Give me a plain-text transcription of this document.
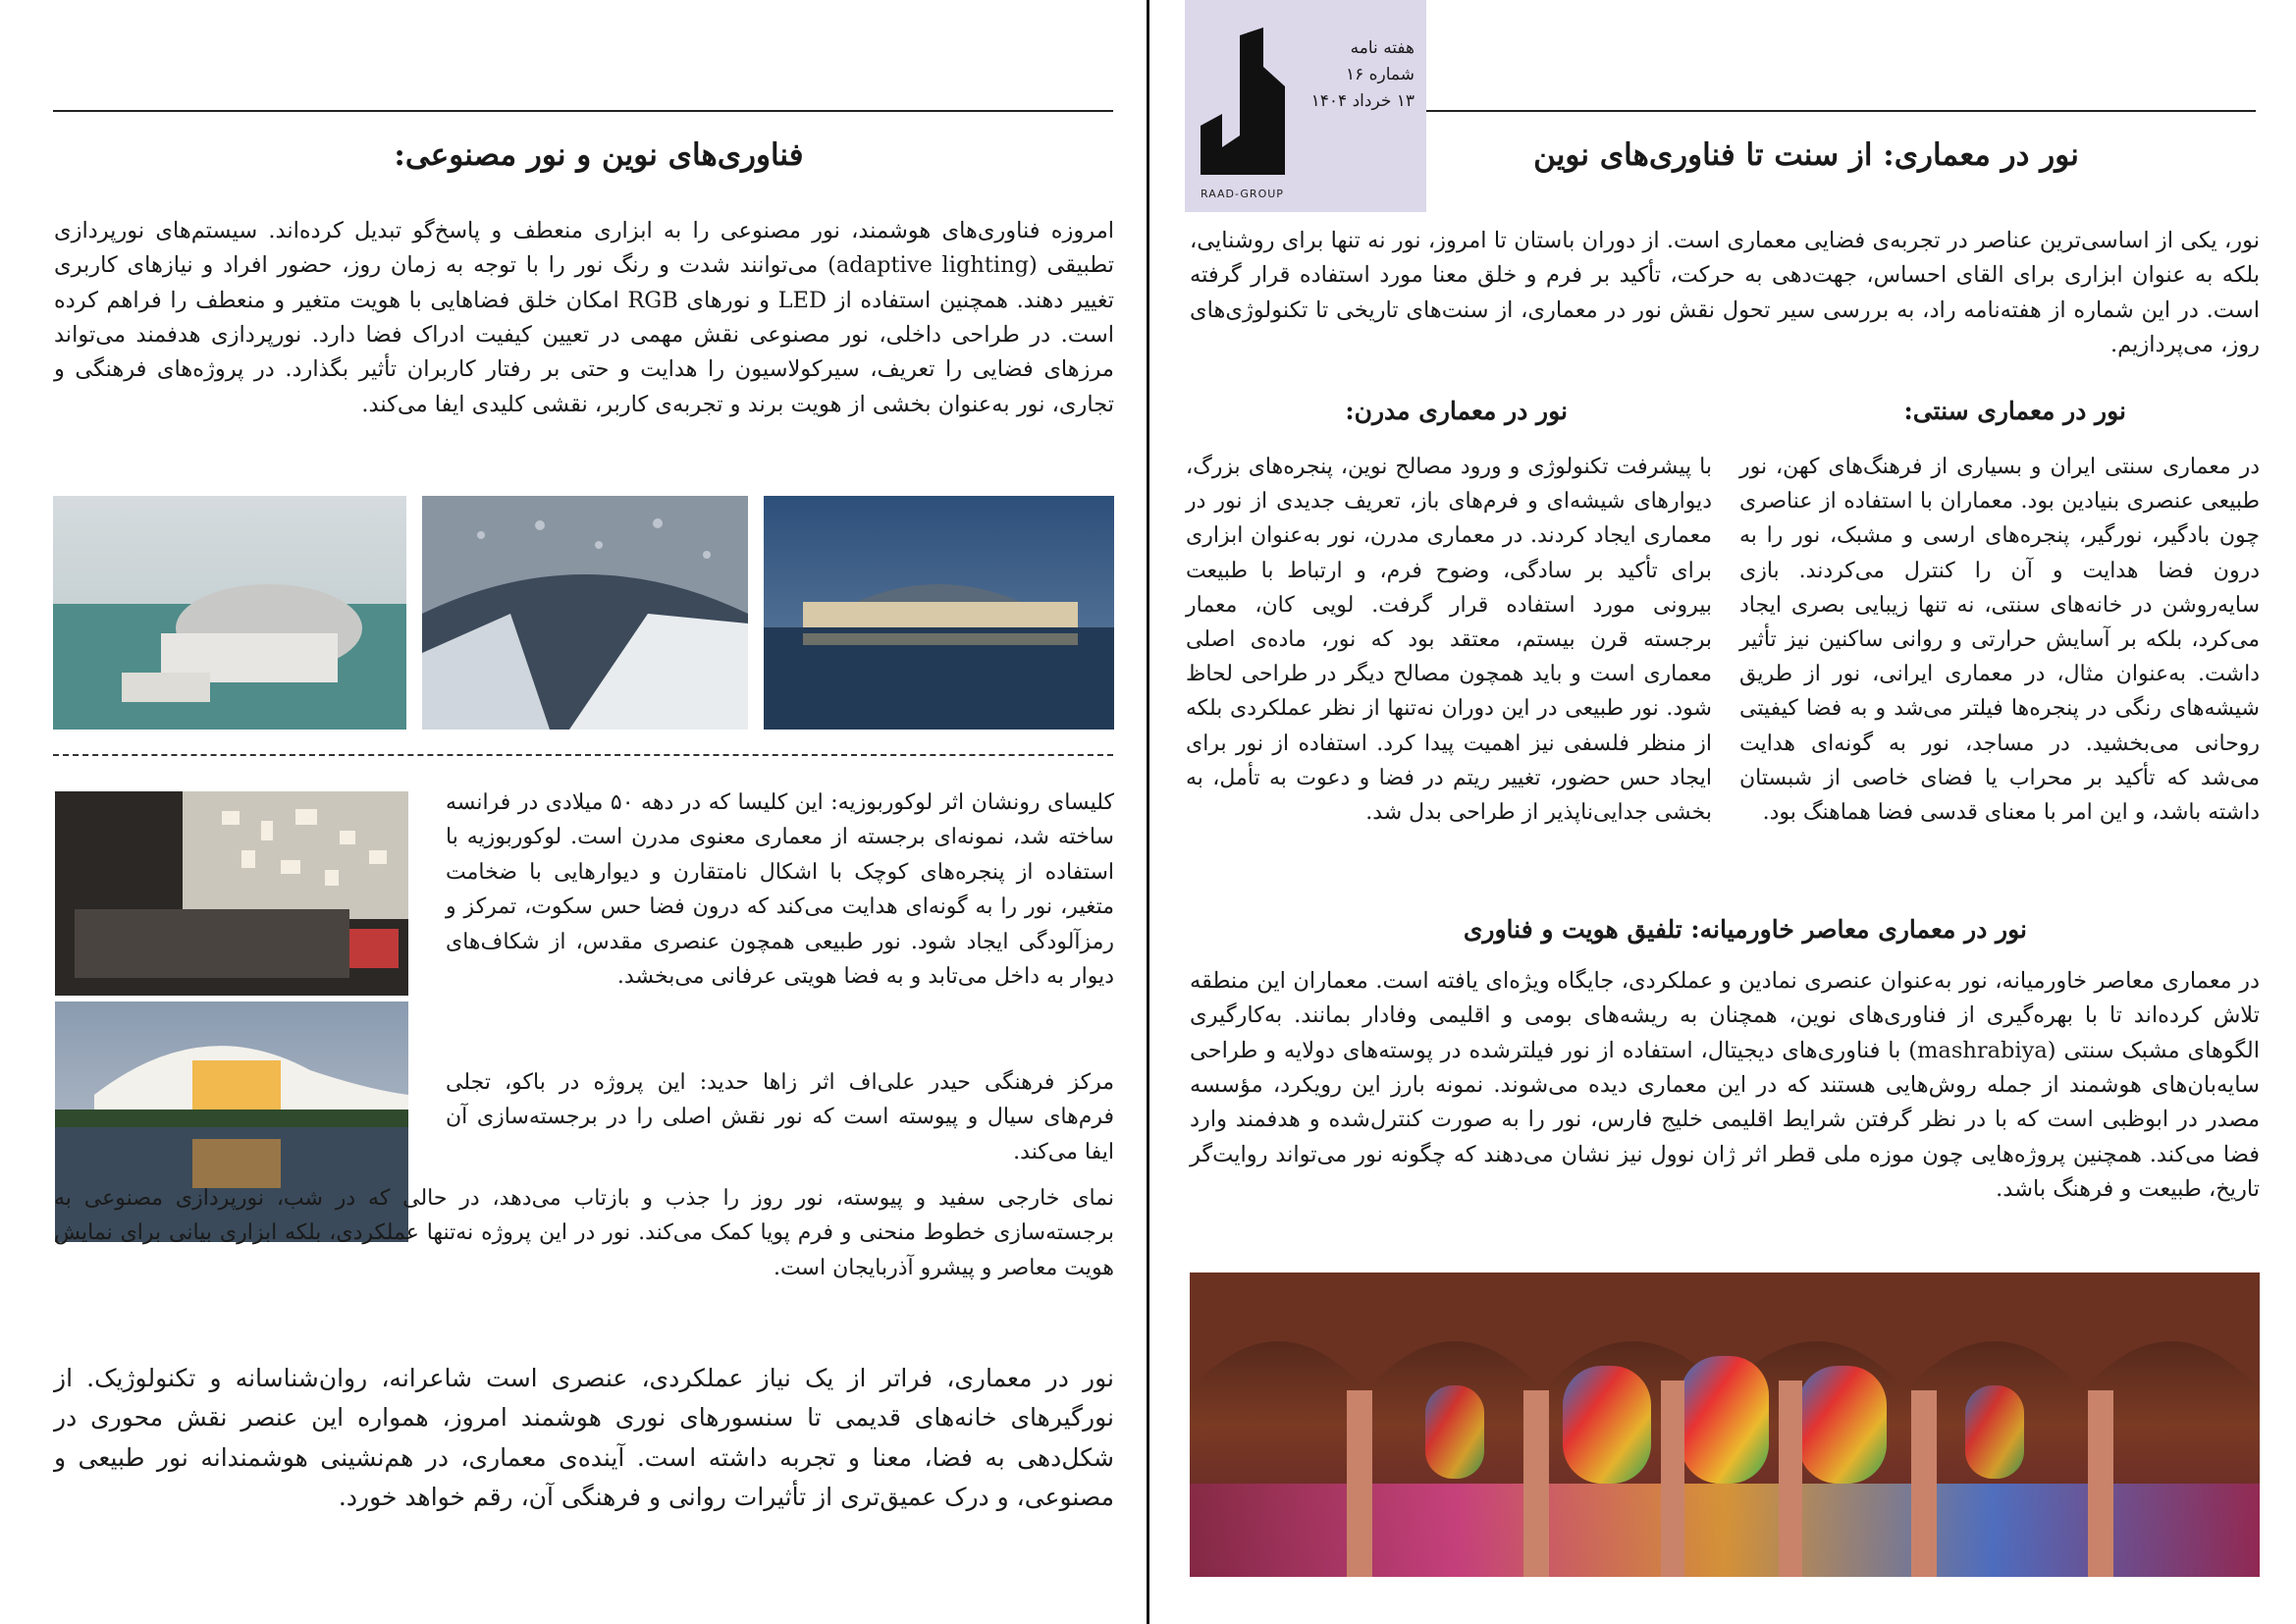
هفته نامه
شماره ۱۶
۱۳ خرداد ۱۴۰۴
RAAD-GROUP
نور در معماری: از سنت تا فناوری‌های نوین
نور، یکی از اساسی‌ترین عناصر در تجربه‌ی فضایی معماری است. از دوران باستان تا امروز، نور نه تنها برای روشنایی، بلکه به عنوان ابزاری برای القای احساس، جهت‌دهی به حرکت، تأکید بر فرم و خلق معنا مورد استفاده قرار گرفته است. در این شماره از هفته‌نامه راد، به بررسی سیر تحول نقش نور در معماری، از سنت‌های تاریخی تا تکنولوژی‌های روز، می‌پردازیم.
نور در معماری سنتی:
در معماری سنتی ایران و بسیاری از فرهنگ‌های کهن، نور طبیعی عنصری بنیادین بود. معماران با استفاده از عناصری چون بادگیر، نورگیر، پنجره‌های ارسی و مشبک، نور را به درون فضا هدایت و آن را کنترل می‌کردند. بازی سایه‌روشن در خانه‌های سنتی، نه تنها زیبایی بصری ایجاد می‌کرد، بلکه بر آسایش حرارتی و روانی ساکنین نیز تأثیر داشت. به‌عنوان مثال، در معماری ایرانی، نور از طریق شیشه‌های رنگی در پنجره‌ها فیلتر می‌شد و به فضا کیفیتی روحانی می‌بخشید. در مساجد، نور به گونه‌ای هدایت می‌شد که تأکید بر محراب یا فضای خاصی از شبستان داشته باشد، و این امر با معنای قدسی فضا هماهنگ بود.
نور در معماری مدرن:
با پیشرفت تکنولوژی و ورود مصالح نوین، پنجره‌های بزرگ، دیوارهای شیشه‌ای و فرم‌های باز، تعریف جدیدی از نور در معماری ایجاد کردند. در معماری مدرن، نور به‌عنوان ابزاری برای تأکید بر سادگی، وضوح فرم، و ارتباط با طبیعت بیرونی مورد استفاده قرار گرفت. لویی کان، معمار برجسته قرن بیستم، معتقد بود که نور، ماده‌ی اصلی معماری است و باید همچون مصالح دیگر در طراحی لحاظ شود. نور طبیعی در این دوران نه‌تنها از نظر عملکردی بلکه از منظر فلسفی نیز اهمیت پیدا کرد. استفاده از نور برای ایجاد حس حضور، تغییر ریتم در فضا و دعوت به تأمل، به بخشی جدایی‌ناپذیر از طراحی بدل شد.
نور در معماری معاصر خاورمیانه: تلفیق هویت و فناوری
در معماری معاصر خاورمیانه، نور به‌عنوان عنصری نمادین و عملکردی، جایگاه ویژه‌ای یافته است. معماران این منطقه تلاش کرده‌اند تا با بهره‌گیری از فناوری‌های نوین، همچنان به ریشه‌های بومی و اقلیمی وفادار بمانند. به‌کارگیری الگوهای مشبک سنتی (mashrabiya) با فناوری‌های دیجیتال، استفاده از نور فیلترشده در پوسته‌های دولایه و طراحی سایه‌بان‌های هوشمند از جمله روش‌هایی هستند که در این معماری دیده می‌شوند. نمونه بارز این رویکرد، مؤسسه مصدر در ابوظبی است که با در نظر گرفتن شرایط اقلیمی خلیج فارس، نور را به صورت کنترل‌شده و هدفمند وارد فضا می‌کند. همچنین پروژه‌هایی چون موزه ملی قطر اثر ژان نوول نیز نشان می‌دهند که چگونه نور می‌تواند روایت‌گر تاریخ، طبیعت و فرهنگ باشد.
فناوری‌های نوین و نور مصنوعی:
امروزه فناوری‌های هوشمند، نور مصنوعی را به ابزاری منعطف و پاسخ‌گو تبدیل کرده‌اند. سیستم‌های نورپردازی تطبیقی (adaptive lighting) می‌توانند شدت و رنگ نور را با توجه به زمان روز، حضور افراد و نیازهای کاربری تغییر دهند. همچنین استفاده از LED و نورهای RGB امکان خلق فضاهایی با هویت متغیر و منعطف را فراهم کرده است. در طراحی داخلی، نور مصنوعی نقش مهمی در تعیین کیفیت ادراک فضا دارد. نورپردازی هدفمند می‌تواند مرزهای فضایی را تعریف، سیرکولاسیون را هدایت و حتی بر رفتار کاربران تأثیر بگذارد. در پروژه‌های فرهنگی و تجاری، نور به‌عنوان بخشی از هویت برند و تجربه‌ی کاربر، نقشی کلیدی ایفا می‌کند.
کلیسای رونشان اثر لوکوربوزیه: این کلیسا که در دهه ۵۰ میلادی در فرانسه ساخته شد، نمونه‌ای برجسته از معماری معنوی مدرن است. لوکوربوزیه با استفاده از پنجره‌های کوچک با اشکال نامتقارن و دیوارهایی با ضخامت متغیر، نور را به گونه‌ای هدایت می‌کند که درون فضا حس سکوت، تمرکز و رمزآلودگی ایجاد شود. نور طبیعی همچون عنصری مقدس، از شکاف‌های دیوار به داخل می‌تابد و به فضا هویتی عرفانی می‌بخشد.
مرکز فرهنگی حیدر علی‌اف اثر زاها حدید: این پروژه در باکو، تجلی فرم‌های سیال و پیوسته است که نور نقش اصلی را در برجسته‌سازی آن ایفا می‌کند.
نمای خارجی سفید و پیوسته، نور روز را جذب و بازتاب می‌دهد، در حالی که در شب، نورپردازی مصنوعی به برجسته‌سازی خطوط منحنی و فرم پویا کمک می‌کند. نور در این پروژه نه‌تنها عملکردی، بلکه ابزاری بیانی برای نمایش هویت معاصر و پیشرو آذربایجان است.
نور در معماری، فراتر از یک نیاز عملکردی، عنصری است شاعرانه، روان‌شناسانه و تکنولوژیک. از نورگیرهای خانه‌های قدیمی تا سنسورهای نوری هوشمند امروز، همواره این عنصر نقش محوری در شکل‌دهی به فضا، معنا و تجربه داشته است. آینده‌ی معماری، در هم‌نشینی هوشمندانه نور طبیعی و مصنوعی، و درک عمیق‌تری از تأثیرات روانی و فرهنگی آن، رقم خواهد خورد.
